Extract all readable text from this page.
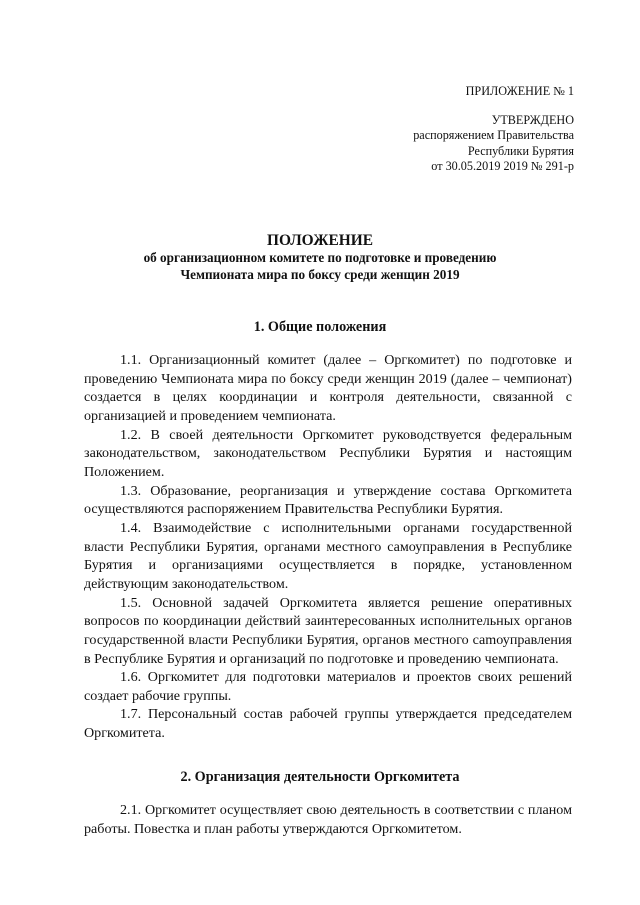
ПРИЛОЖЕНИЕ № 1
УТВЕРЖДЕНО
распоряжением Правительства
Республики Бурятия
от 30.05.2019 2019 № 291-р
ПОЛОЖЕНИЕ
об организационном комитете по подготовке и проведению
Чемпионата мира по боксу среди женщин 2019
1. Общие положения

1.1. Организационный комитет (далее – Оргкомитет) по подготовке и проведению Чемпионата мира по боксу среди женщин 2019 (далее – чемпионат) создается в целях координации и контроля деятельности, связанной с организацией и проведением чемпионата.

1.2. В своей деятельности Оргкомитет руководствуется федеральным законодательством, законодательством Республики Бурятия и настоящим Положением.

1.3. Образование, реорганизация и утверждение состава Оргкомитета осуществляются распоряжением Правительства Республики Бурятия.

1.4. Взаимодействие с исполнительными органами государственной власти Республики Бурятия, органами местного самоуправления в Республике Бурятия и организациями осуществляется в порядке, установленном действующим законодательством.

1.5. Основной задачей Оргкомитета является решение оперативных вопросов по координации действий заинтересованных исполнительных органов государственной власти Республики Бурятия, органов местного саmоуправления в Республике Бурятия и организаций по подготовке и проведению чемпионата.

1.6. Оргкомитет для подготовки материалов и проектов своих решений создает рабочие группы.

1.7. Персональный состав рабочей группы утверждается председателем Оргкомитета.

2. Организация деятельности Оргкомитета

2.1. Оргкомитет осуществляет свою деятельность в соответствии с планом работы. Повестка и план работы утверждаются Оргкомитетом.
